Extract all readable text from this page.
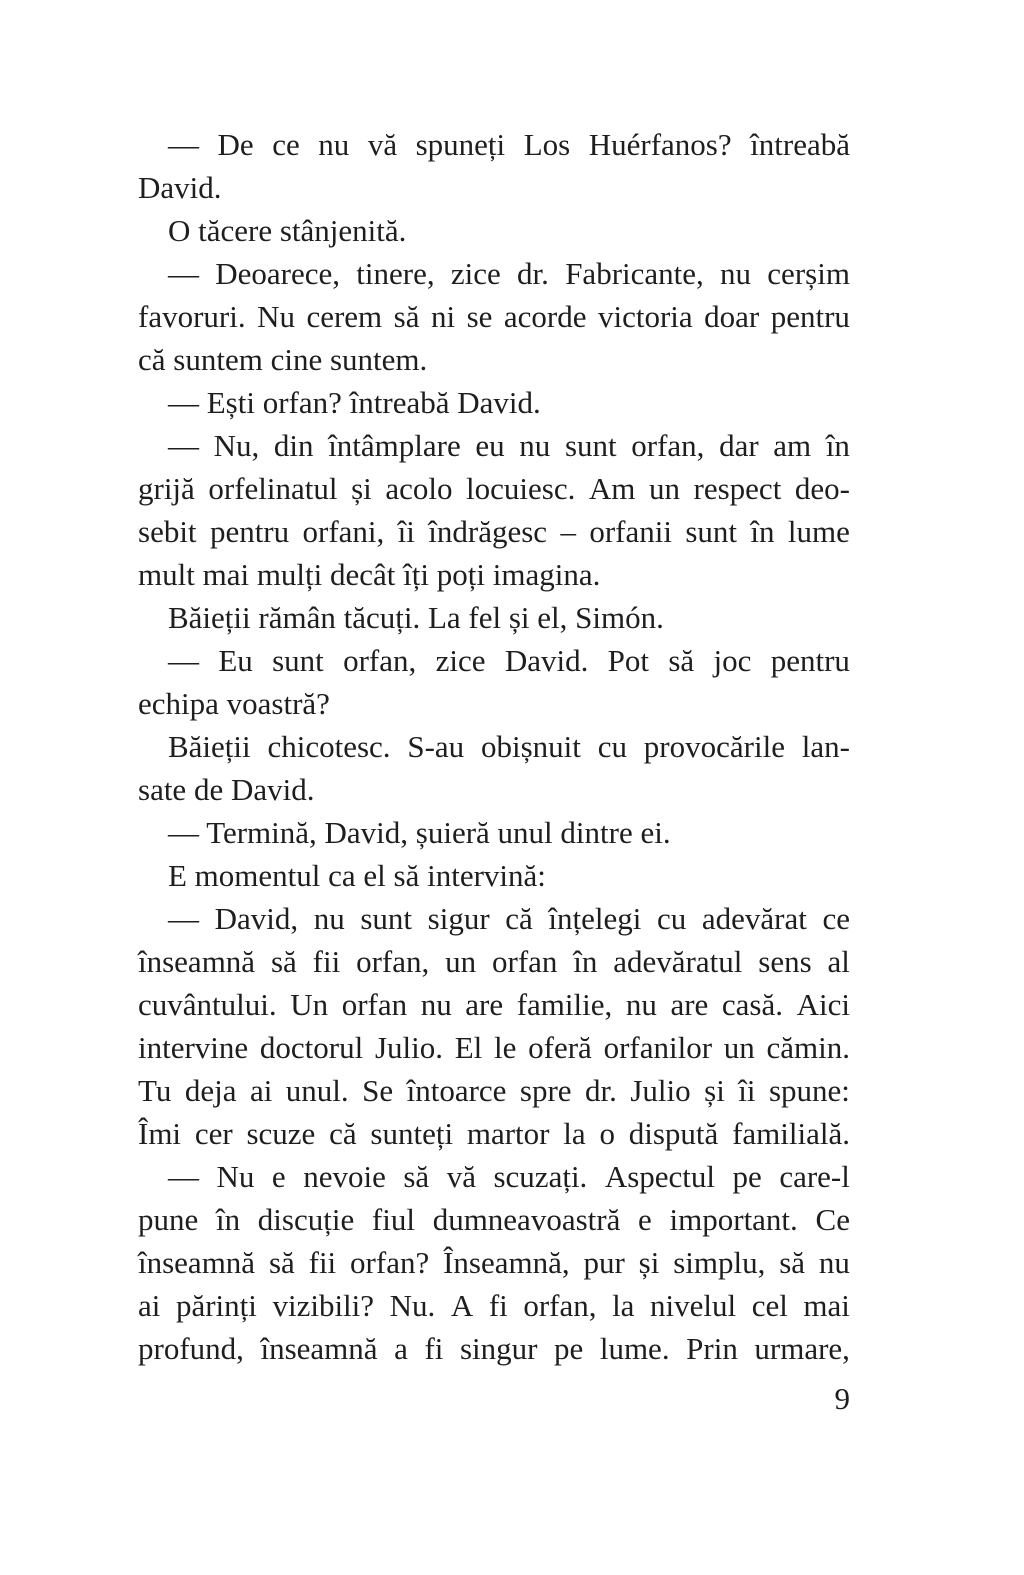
— De ce nu vă spuneți Los Huérfanos? întreabă
David.
O tăcere stânjenită.
— Deoarece, tinere, zice dr. Fabricante, nu cerșim
favoruri. Nu cerem să ni se acorde victoria doar pentru
că suntem cine suntem.
— Ești orfan? întreabă David.
— Nu, din întâmplare eu nu sunt orfan, dar am în
grijă orfelinatul și acolo locuiesc. Am un respect deo-
sebit pentru orfani, îi îndrăgesc – orfanii sunt în lume
mult mai mulți decât îți poți imagina.
Băieții rămân tăcuți. La fel și el, Simón.
— Eu sunt orfan, zice David. Pot să joc pentru
echipa voastră?
Băieții chicotesc. S-au obișnuit cu provocările lan-
sate de David.
— Termină, David, șuieră unul dintre ei.
E momentul ca el să intervină:
— David, nu sunt sigur că înțelegi cu adevărat ce
înseamnă să fii orfan, un orfan în adevăratul sens al
cuvântului. Un orfan nu are familie, nu are casă. Aici
intervine doctorul Julio. El le oferă orfanilor un cămin.
Tu deja ai unul. Se întoarce spre dr. Julio și îi spune:
Îmi cer scuze că sunteți martor la o dispută familială.
— Nu e nevoie să vă scuzați. Aspectul pe care-l
pune în discuție fiul dumneavoastră e important. Ce
înseamnă să fii orfan? Înseamnă, pur și simplu, să nu
ai părinți vizibili? Nu. A fi orfan, la nivelul cel mai
profund, înseamnă a fi singur pe lume. Prin urmare,
9
